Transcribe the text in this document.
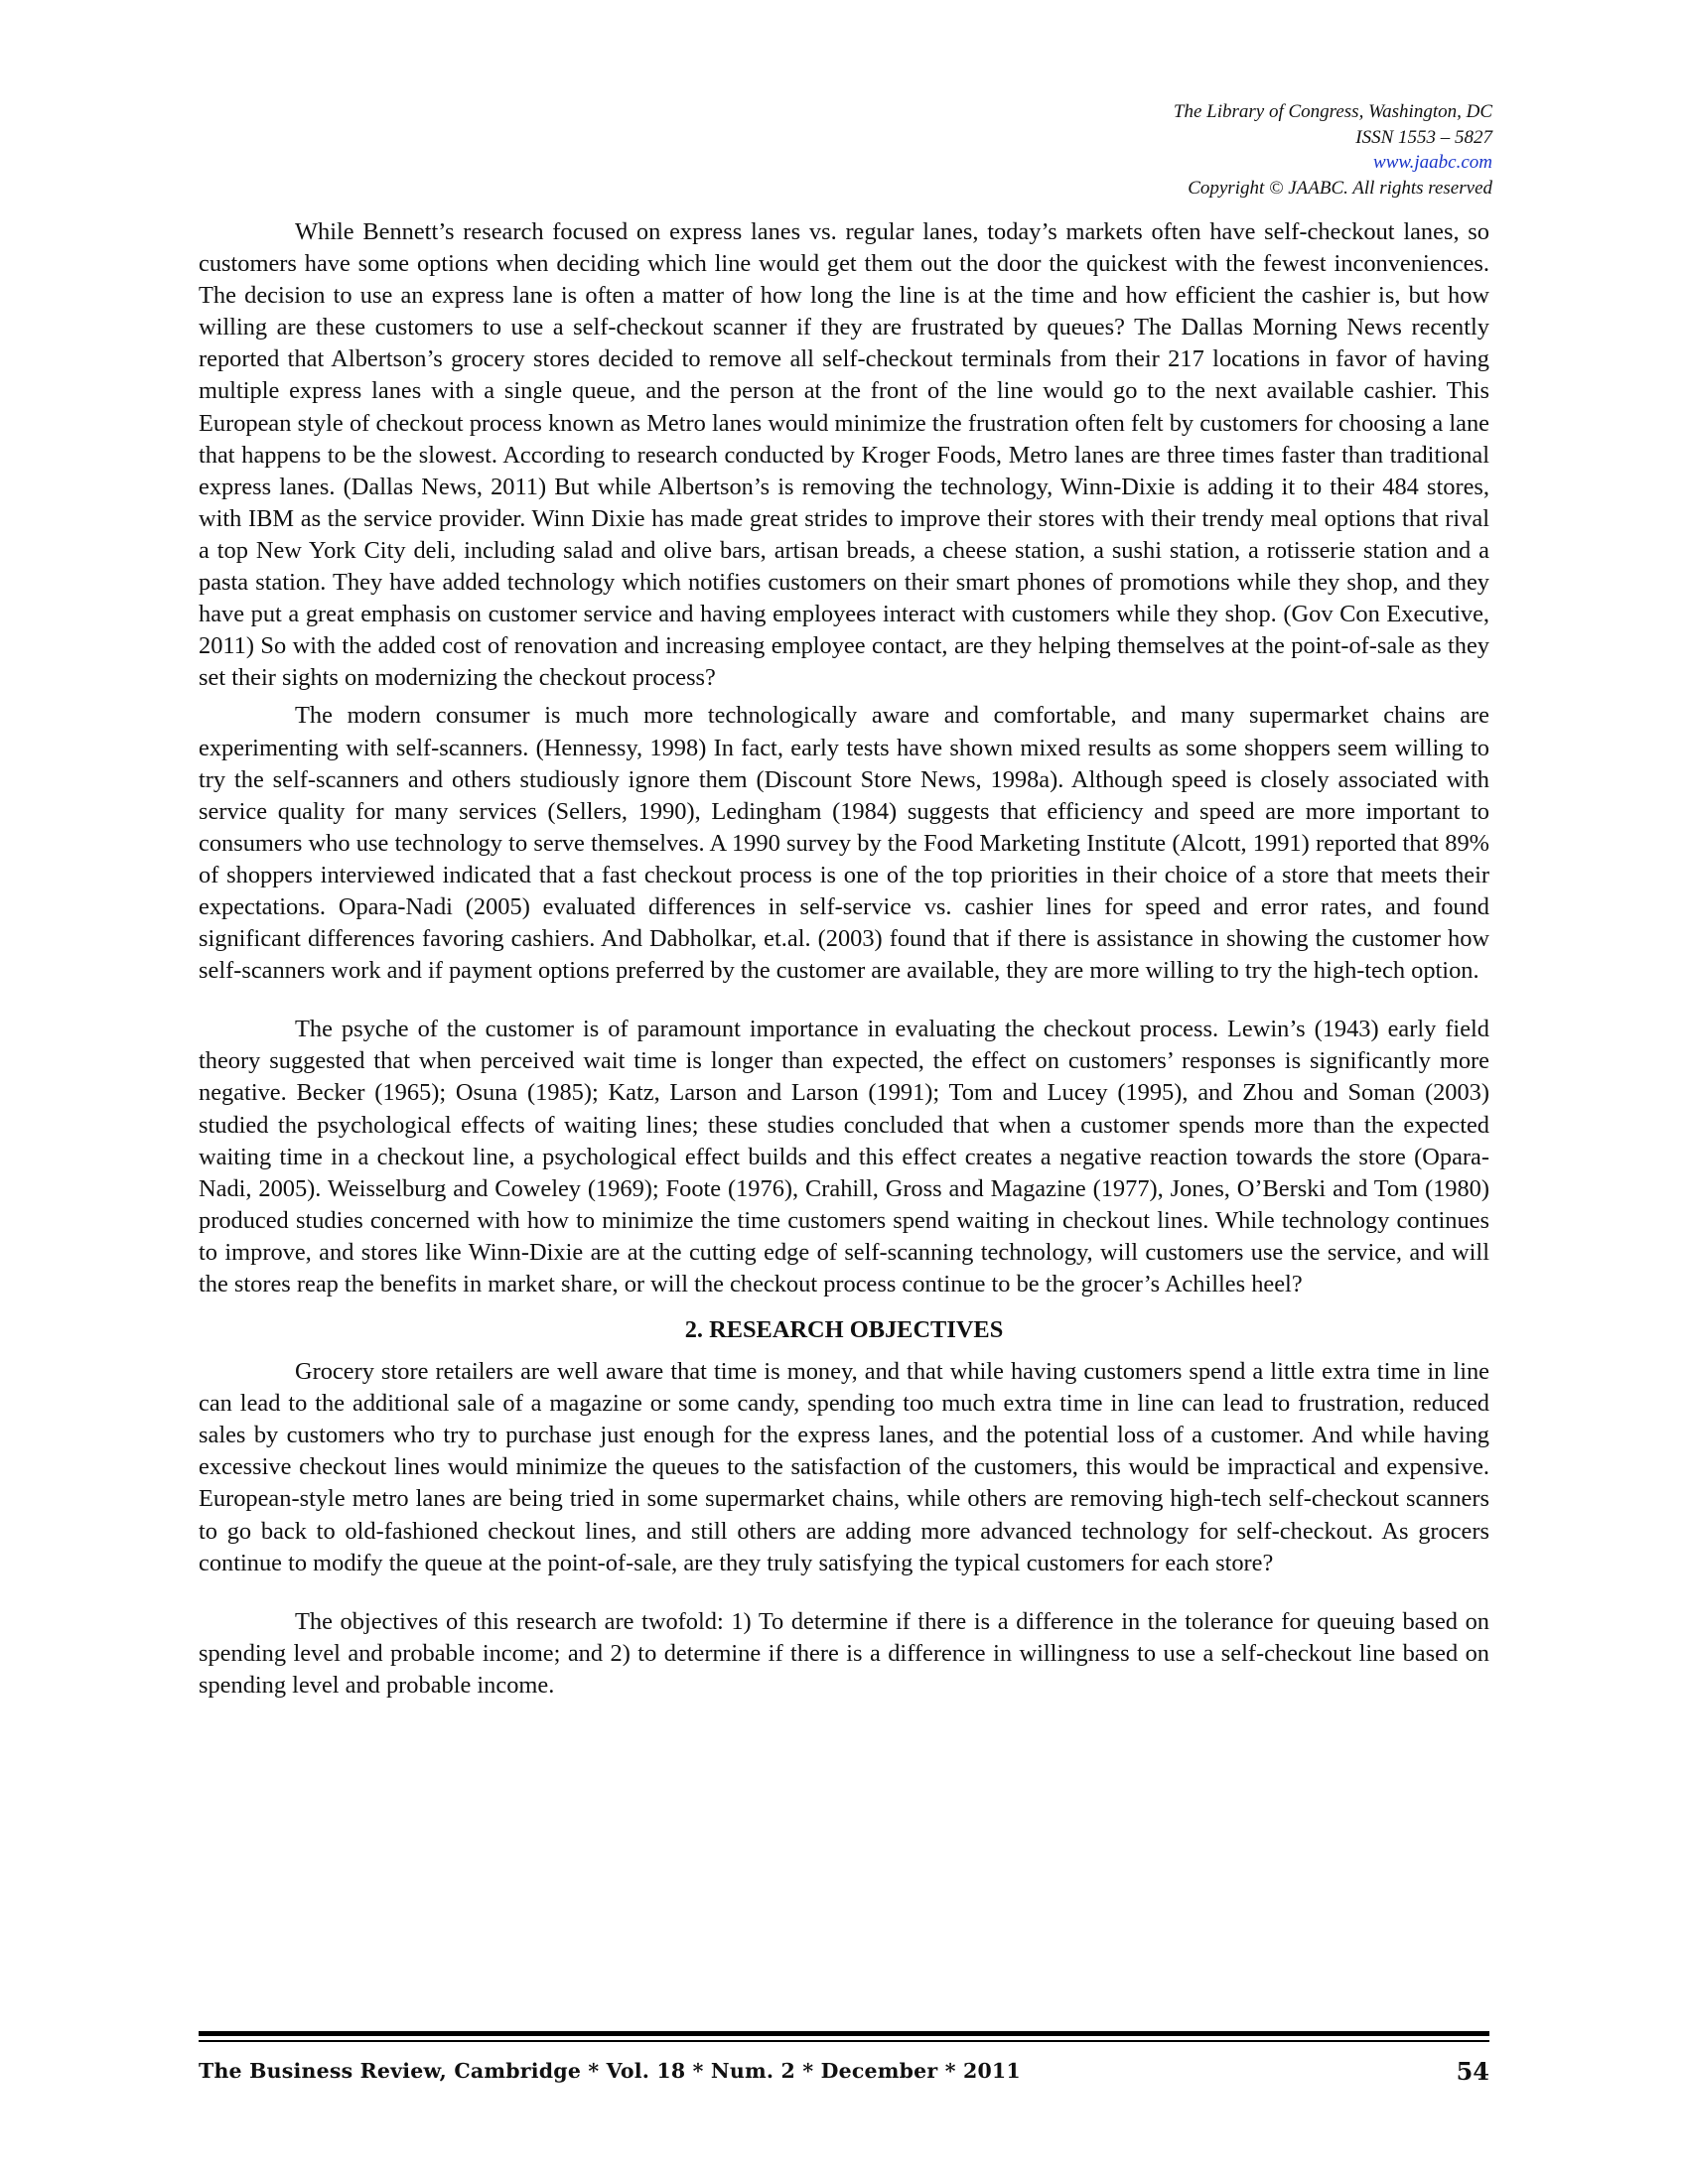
The Library of Congress, Washington, DC
ISSN 1553 – 5827
www.jaabc.com
Copyright © JAABC. All rights reserved

While Bennett’s research focused on express lanes vs. regular lanes, today’s markets often have self-checkout lanes, so customers have some options when deciding which line would get them out the door the quickest with the fewest inconveniences. The decision to use an express lane is often a matter of how long the line is at the time and how efficient the cashier is, but how willing are these customers to use a self-checkout scanner if they are frustrated by queues? The Dallas Morning News recently reported that Albertson’s grocery stores decided to remove all self-checkout terminals from their 217 locations in favor of having multiple express lanes with a single queue, and the person at the front of the line would go to the next available cashier. This European style of checkout process known as Metro lanes would minimize the frustration often felt by customers for choosing a lane that happens to be the slowest. According to research conducted by Kroger Foods, Metro lanes are three times faster than traditional express lanes. (Dallas News, 2011) But while Albertson’s is removing the technology, Winn-Dixie is adding it to their 484 stores, with IBM as the service provider. Winn Dixie has made great strides to improve their stores with their trendy meal options that rival a top New York City deli, including salad and olive bars, artisan breads, a cheese station, a sushi station, a rotisserie station and a pasta station. They have added technology which notifies customers on their smart phones of promotions while they shop, and they have put a great emphasis on customer service and having employees interact with customers while they shop. (Gov Con Executive, 2011) So with the added cost of renovation and increasing employee contact, are they helping themselves at the point-of-sale as they set their sights on modernizing the checkout process?

The modern consumer is much more technologically aware and comfortable, and many supermarket chains are experimenting with self-scanners. (Hennessy, 1998) In fact, early tests have shown mixed results as some shoppers seem willing to try the self-scanners and others studiously ignore them (Discount Store News, 1998a). Although speed is closely associated with service quality for many services (Sellers, 1990), Ledingham (1984) suggests that efficiency and speed are more important to consumers who use technology to serve themselves. A 1990 survey by the Food Marketing Institute (Alcott, 1991) reported that 89% of shoppers interviewed indicated that a fast checkout process is one of the top priorities in their choice of a store that meets their expectations. Opara-Nadi (2005) evaluated differences in self-service vs. cashier lines for speed and error rates, and found significant differences favoring cashiers. And Dabholkar, et.al. (2003) found that if there is assistance in showing the customer how self-scanners work and if payment options preferred by the customer are available, they are more willing to try the high-tech option.

The psyche of the customer is of paramount importance in evaluating the checkout process. Lewin’s (1943) early field theory suggested that when perceived wait time is longer than expected, the effect on customers’ responses is significantly more negative. Becker (1965); Osuna (1985); Katz, Larson and Larson (1991); Tom and Lucey (1995), and Zhou and Soman (2003) studied the psychological effects of waiting lines; these studies concluded that when a customer spends more than the expected waiting time in a checkout line, a psychological effect builds and this effect creates a negative reaction towards the store (Opara-Nadi, 2005). Weisselburg and Coweley (1969); Foote (1976), Crahill, Gross and Magazine (1977), Jones, O’Berski and Tom (1980) produced studies concerned with how to minimize the time customers spend waiting in checkout lines. While technology continues to improve, and stores like Winn-Dixie are at the cutting edge of self-scanning technology, will customers use the service, and will the stores reap the benefits in market share, or will the checkout process continue to be the grocer’s Achilles heel?

2. RESEARCH OBJECTIVES

Grocery store retailers are well aware that time is money, and that while having customers spend a little extra time in line can lead to the additional sale of a magazine or some candy, spending too much extra time in line can lead to frustration, reduced sales by customers who try to purchase just enough for the express lanes, and the potential loss of a customer. And while having excessive checkout lines would minimize the queues to the satisfaction of the customers, this would be impractical and expensive. European-style metro lanes are being tried in some supermarket chains, while others are removing high-tech self-checkout scanners to go back to old-fashioned checkout lines, and still others are adding more advanced technology for self-checkout. As grocers continue to modify the queue at the point-of-sale, are they truly satisfying the typical customers for each store?

The objectives of this research are twofold: 1) To determine if there is a difference in the tolerance for queuing based on spending level and probable income; and 2) to determine if there is a difference in willingness to use a self-checkout line based on spending level and probable income.

The Business Review, Cambridge * Vol. 18 * Num. 2 * December * 2011	54
